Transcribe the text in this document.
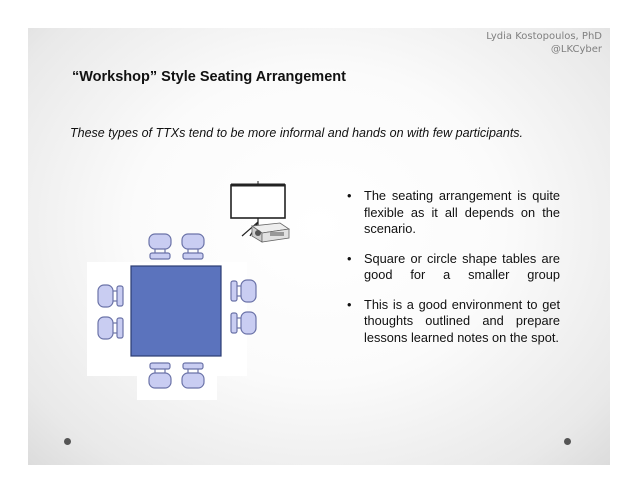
Lydia Kostopoulos, PhD
@LKCyber
“Workshop” Style Seating Arrangement
These types of TTXs tend to be more informal and hands on with few participants.
• The seating arrangement is quite flexible as it all depends on the scenario.
• Square or circle shape tables are good for a smaller group
• This is a good environment to get thoughts outlined and prepare lessons learned notes on the spot.
